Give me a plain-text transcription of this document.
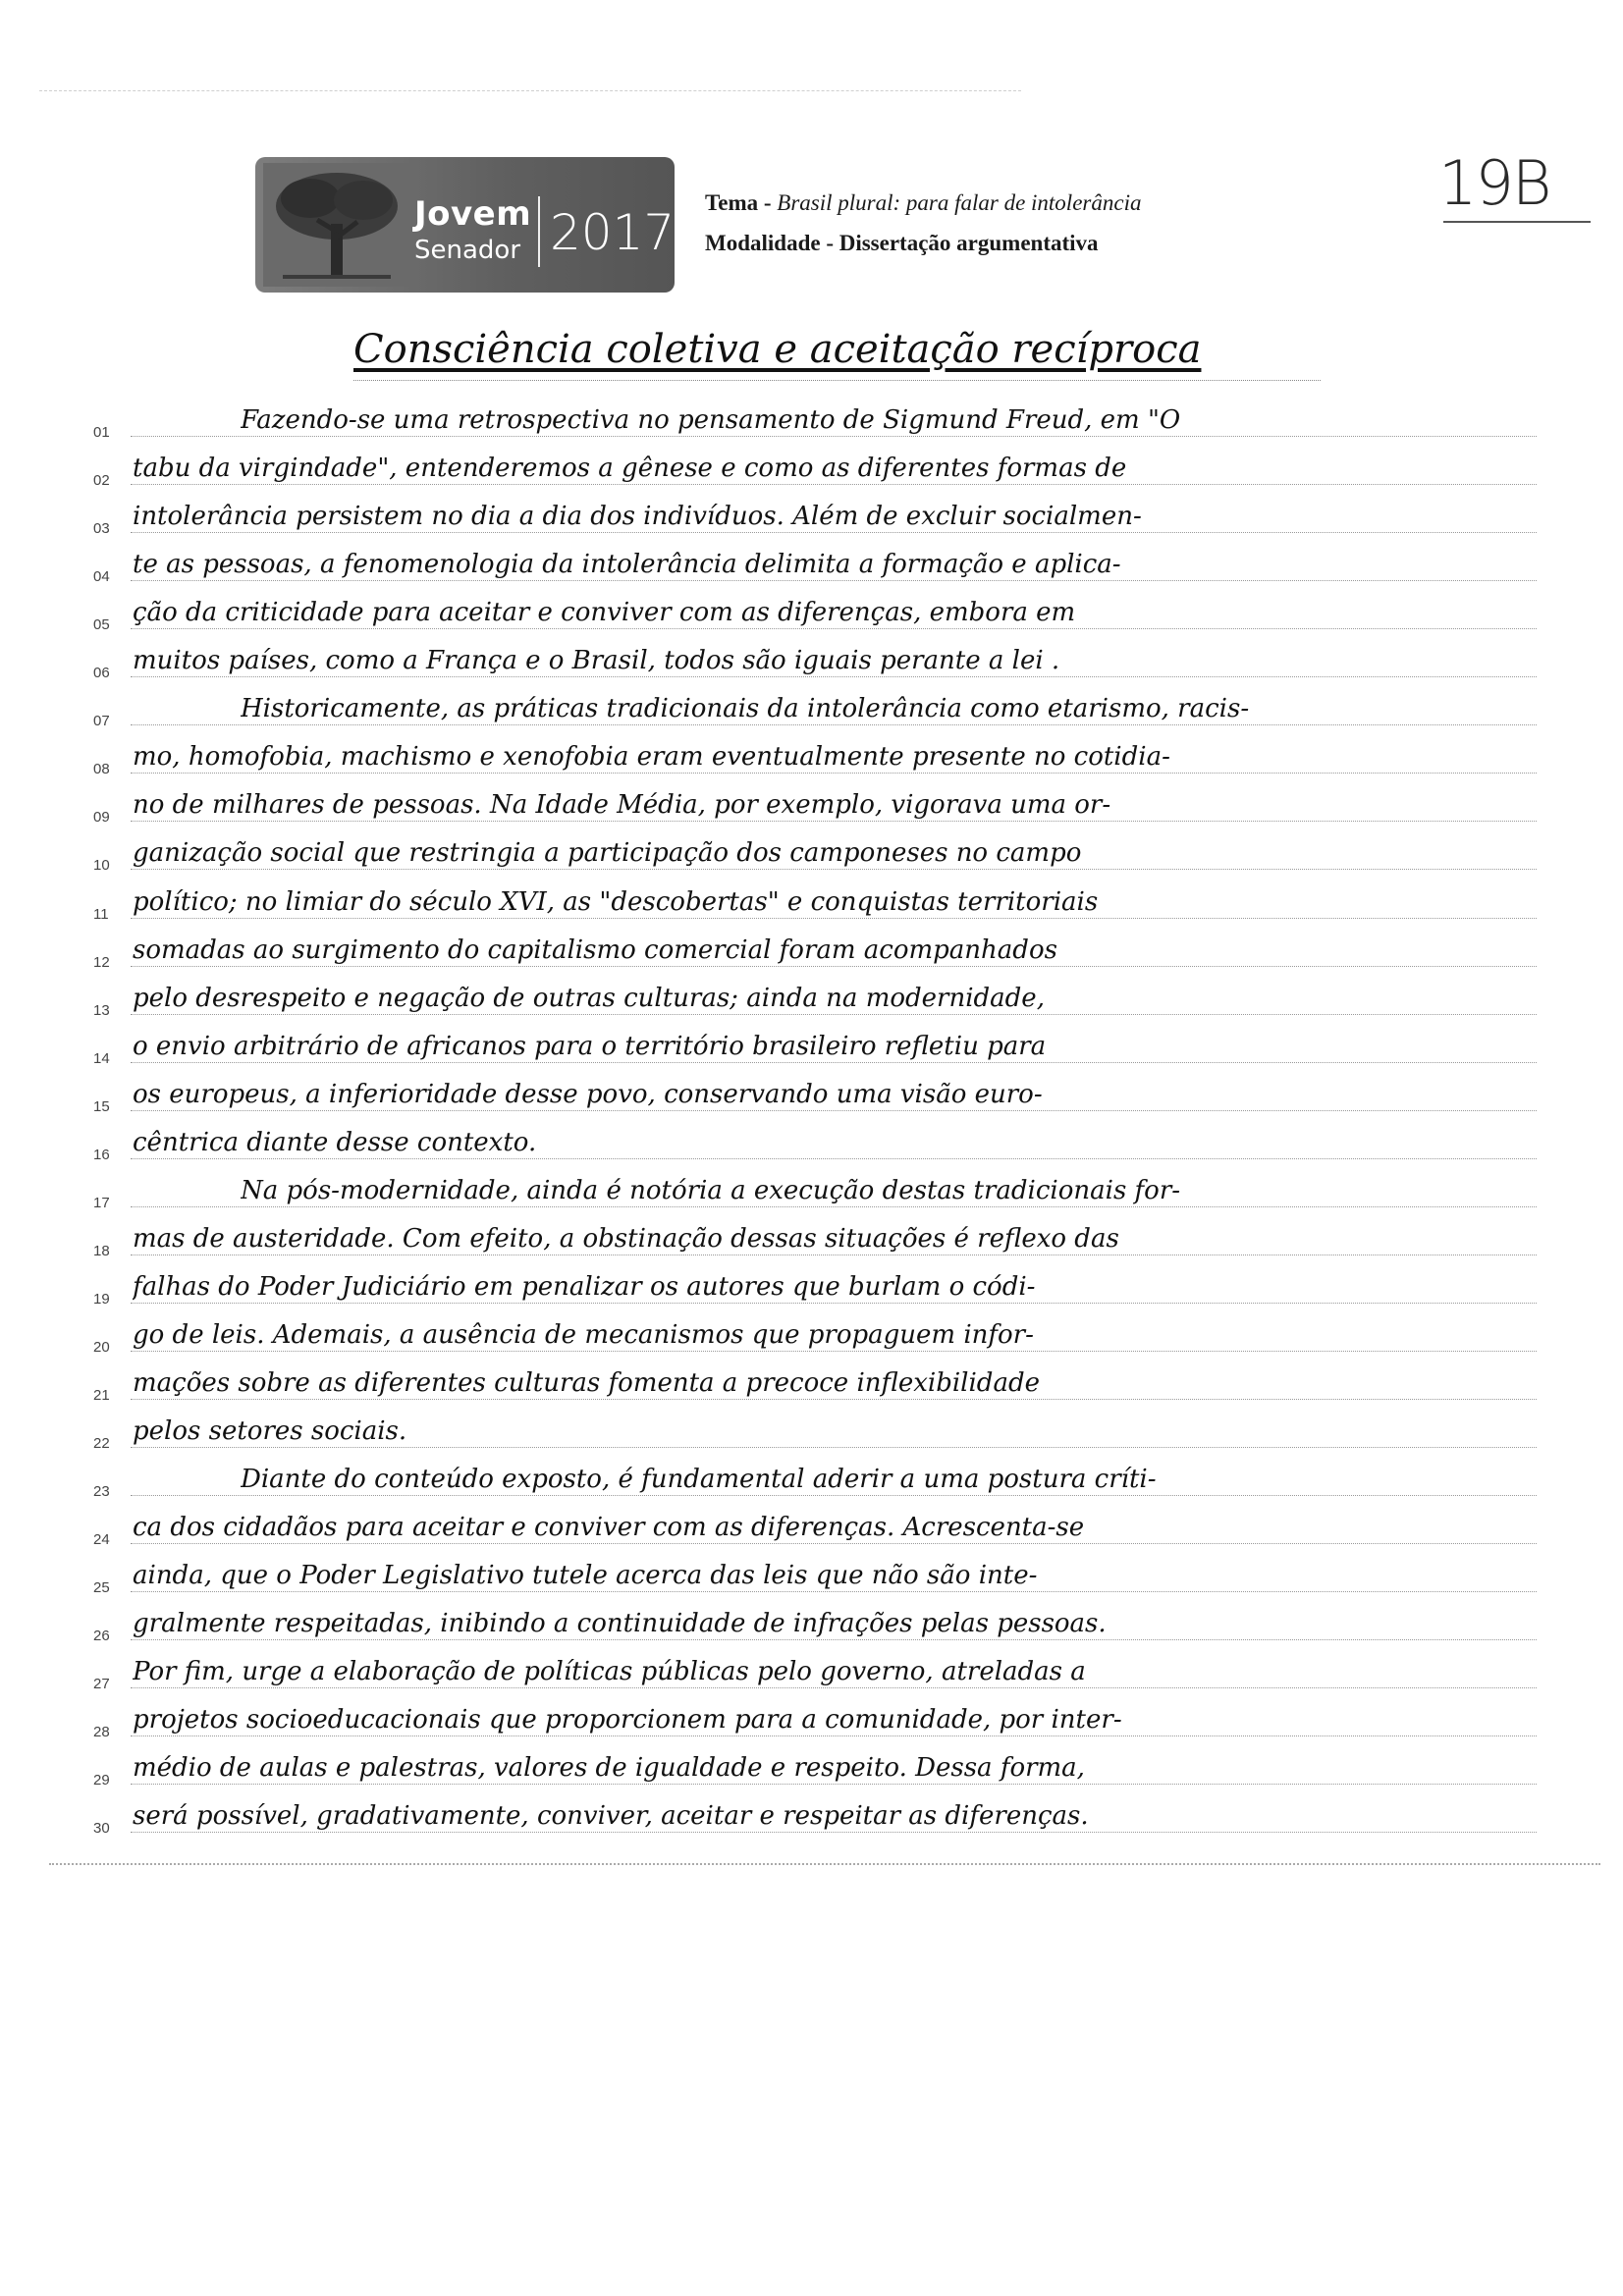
Jovem
Senador 2017
Tema - Brasil plural: para falar de intolerância
Modalidade - Dissertação argumentativa
19B
Consciência coletiva e aceitação recíproca
01	Fazendo-se uma retrospectiva no pensamento de Sigmund Freud, em "O
02 tabu da virgindade", entenderemos a gênese e como as diferentes formas de
03 intolerância persistem no dia a dia dos indivíduos. Além de excluir socialmen-
04 te as pessoas, a fenomenologia da intolerância delimita a formação e aplica-
05 ção da criticidade para aceitar e conviver com as diferenças, embora em
06 muitos países, como a França e o Brasil, todos são iguais perante a lei .
07	Historicamente, as práticas tradicionais da intolerância como etarismo, racis-
08 mo, homofobia, machismo e xenofobia eram eventualmente presente no cotidia-
09 no de milhares de pessoas. Na Idade Média, por exemplo, vigorava uma or-
10 ganização social que restringia a participação dos camponeses no campo
11 político; no limiar do século XVI, as "descobertas" e conquistas territoriais
12 somadas ao surgimento do capitalismo comercial foram acompanhados
13 pelo desrespeito e negação de outras culturas; ainda na modernidade,
14 o envio arbitrário de africanos para o território brasileiro refletiu para
15 os europeus, a inferioridade desse povo, conservando uma visão euro-
16 cêntrica diante desse contexto.
17	Na pós-modernidade, ainda é notória a execução destas tradicionais for-
18 mas de austeridade. Com efeito, a obstinação dessas situações é reflexo das
19 falhas do Poder Judiciário em penalizar os autores que burlam o códi-
20 go de leis. Ademais, a ausência de mecanismos que propaguem infor-
21 mações sobre as diferentes culturas fomenta a precoce inflexibilidade
22 pelos setores sociais.
23	Diante do conteúdo exposto, é fundamental aderir a uma postura críti-
24 ca dos cidadãos para aceitar e conviver com as diferenças. Acrescenta-se
25 ainda, que o Poder Legislativo tutele acerca das leis que não são inte-
26 gralmente respeitadas, inibindo a continuidade de infrações pelas pessoas.
27 Por fim, urge a elaboração de políticas públicas pelo governo, atreladas a
28 projetos socioeducacionais que proporcionem para a comunidade, por inter-
29 médio de aulas e palestras, valores de igualdade e respeito. Dessa forma,
30 será possível, gradativamente, conviver, aceitar e respeitar as diferenças.
